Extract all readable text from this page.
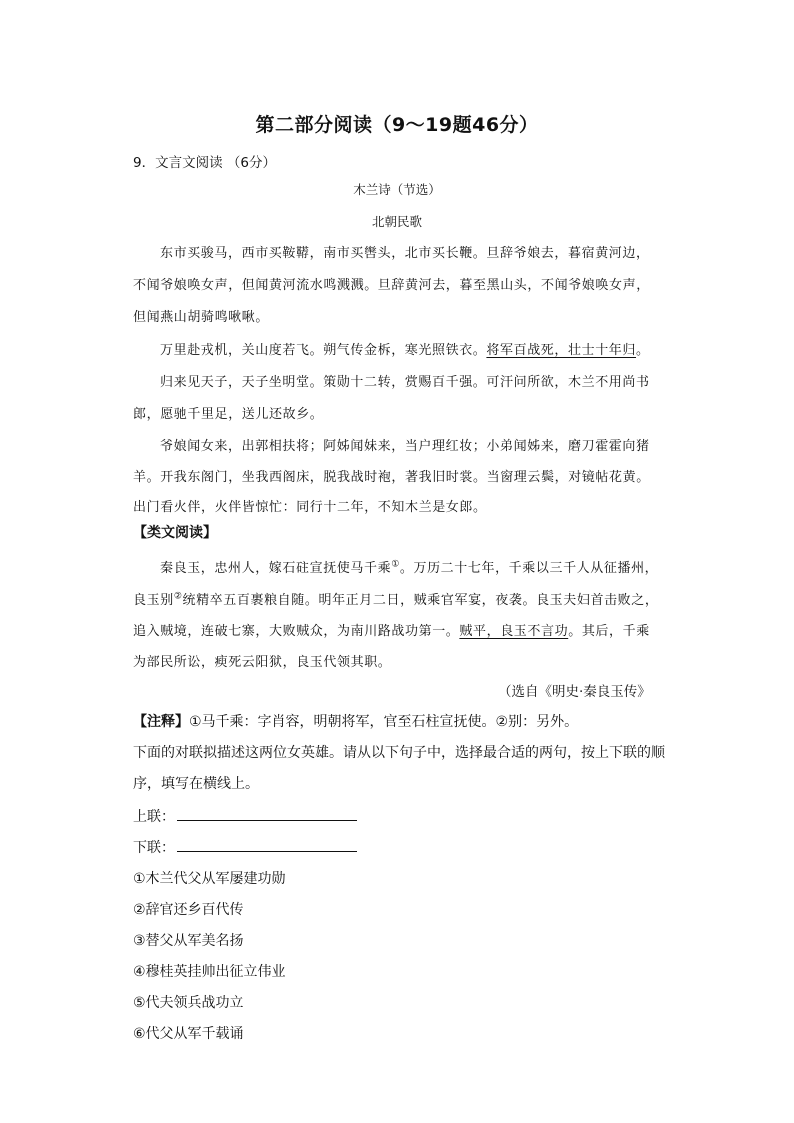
第二部分阅读（9～19题46分）
9．文言文阅读 （6分）
木兰诗（节选）
北朝民歌
东市买骏马，西市买鞍鞯，南市买辔头，北市买长鞭。旦辞爷娘去，暮宿黄河边，
不闻爷娘唤女声，但闻黄河流水鸣溅溅。旦辞黄河去，暮至黑山头，不闻爷娘唤女声，
但闻燕山胡骑鸣啾啾。
万里赴戎机，关山度若飞。朔气传金柝，寒光照铁衣。将军百战死，壮士十年归。
归来见天子，天子坐明堂。策勋十二转，赏赐百千强。可汗问所欲，木兰不用尚书
郎，愿驰千里足，送儿还故乡。
爷娘闻女来，出郭相扶将；阿姊闻妹来，当户理红妆；小弟闻姊来，磨刀霍霍向猪
羊。开我东阁门，坐我西阁床，脱我战时袍，著我旧时裳。当窗理云鬓，对镜帖花黄。
出门看火伴，火伴皆惊忙：同行十二年，不知木兰是女郎。
【类文阅读】
秦良玉，忠州人，嫁石砫宣抚使马千乘①。万历二十七年，千乘以三千人从征播州，
良玉别②统精卒五百裹粮自随。明年正月二日，贼乘官军宴，夜袭。良玉夫妇首击败之，
追入贼境，连破七寨，大败贼众，为南川路战功第一。贼平，良玉不言功。其后，千乘
为部民所讼，瘐死云阳狱，良玉代领其职。
（选自《明史·秦良玉传》
【注释】①马千乘：字肖容，明朝将军，官至石柱宣抚使。②别：另外。
下面的对联拟描述这两位女英雄。请从以下句子中，选择最合适的两句，按上下联的顺
序，填写在横线上。
上联：
下联：
①木兰代父从军屡建功勋
②辞官还乡百代传
③替父从军美名扬
④穆桂英挂帅出征立伟业
⑤代夫领兵战功立
⑥代父从军千载诵
